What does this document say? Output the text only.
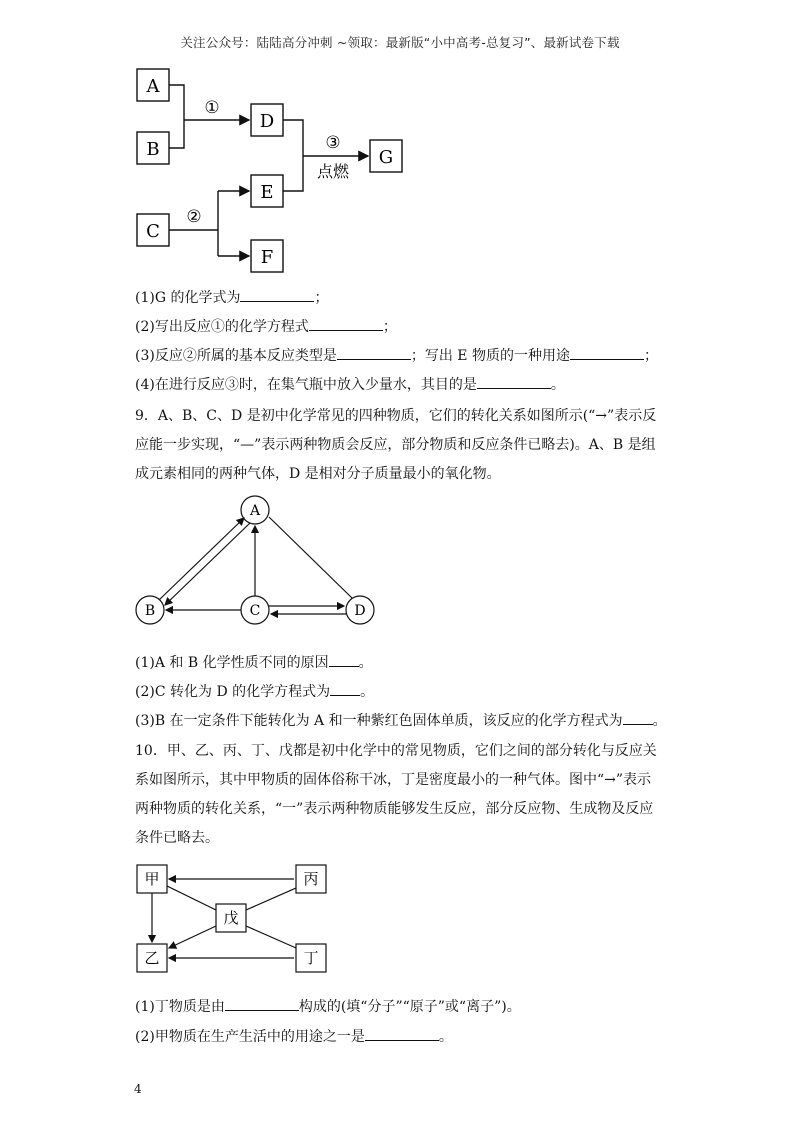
关注公众号：陆陆高分冲刺 ~领取：最新版“小中高考-总复习”、最新试卷下载
A
B
D
G
E
C
F
①
③
点燃
②
A
B	C	D
甲	丙
戊
乙	丁
(1)G 的化学式为	；
(2)写出反应①的化学方程式	；
(3)反应②所属的基本反应类型是	；写出 E 物质的一种用途	；
(4)在进行反应③时，在集气瓶中放入少量水，其目的是	。
9．A、B、C、D 是初中化学常见的四种物质，它们的转化关系如图所示(“→”表示反应能一步实现，“—”表示两种物质会反应，部分物质和反应条件已略去)。A、B 是组成元素相同的两种气体，D 是相对分子质量最小的氧化物。
(1)A 和 B 化学性质不同的原因 。
(2)C 转化为 D 的化学方程式为 。
(3)B 在一定条件下能转化为 A 和一种紫红色固体单质，该反应的化学方程式为 。
10．甲、乙、丙、丁、戊都是初中化学中的常见物质，它们之间的部分转化与反应关系如图所示，其中甲物质的固体俗称干冰，丁是密度最小的一种气体。图中“→”表示两种物质的转化关系，“一”表示两种物质能够发生反应，部分反应物、生成物及反应条件已略去。
(1)丁物质是由	构成的(填“分子”“原子”或“离子”)。
(2)甲物质在生产生活中的用途之一是	。
4
